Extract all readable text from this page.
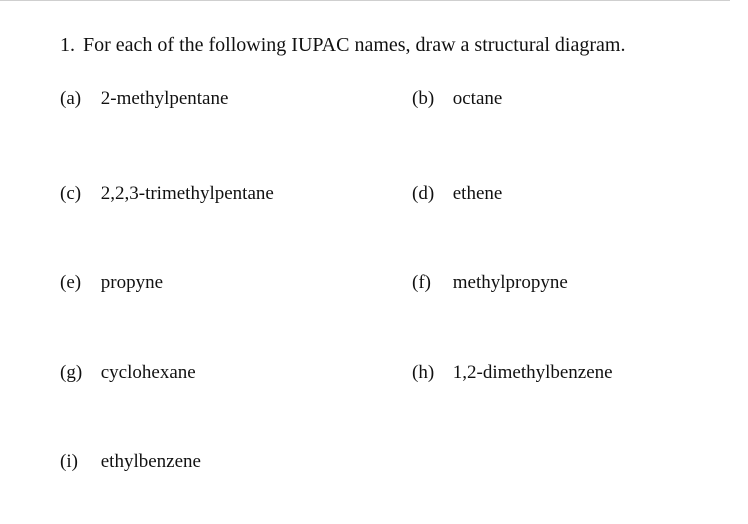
1. For each of the following IUPAC names, draw a structural diagram.
(a) 2-methylpentane	(b) octane
(c) 2,2,3-trimethylpentane	(d) ethene
(e) propyne	(f) methylpropyne
(g) cyclohexane	(h) 1,2-dimethylbenzene
(i) ethylbenzene
